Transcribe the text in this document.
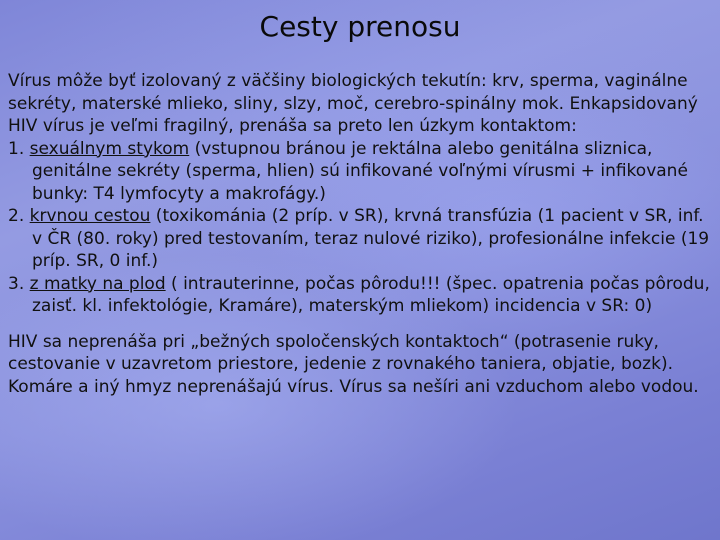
Cesty prenosu

Vírus môže byť izolovaný z väčšiny biologických tekutín: krv, sperma, vaginálne sekréty, materské mlieko, sliny, slzy, moč, cerebro-spinálny mok. Enkapsidovaný HIV vírus je veľmi fragilný, prenáša sa preto len úzkym kontaktom:

1. sexuálnym stykom (vstupnou bránou je rektálna alebo genitálna sliznica, genitálne sekréty (sperma, hlien) sú infikované voľnými vírusmi + infikované bunky: T4 lymfocyty a makrofágy.)

2. krvnou cestou (toxikománia (2 príp. v SR), krvná transfúzia (1 pacient v SR, inf. v ČR (80. roky) pred testovaním, teraz nulové riziko), profesionálne infekcie (19 príp. SR, 0 inf.)

3. z matky na plod ( intrauterinne, počas pôrodu!!! (špec. opatrenia počas pôrodu, zaisť. kl. infektológie, Kramáre), materským mliekom) incidencia v SR: 0)

HIV sa neprenáša pri „bežných spoločenských kontaktoch“ (potrasenie ruky, cestovanie v uzavretom priestore, jedenie z rovnakého taniera, objatie, bozk). Komáre a iný hmyz neprenášajú vírus. Vírus sa nešíri ani vzduchom alebo vodou.
